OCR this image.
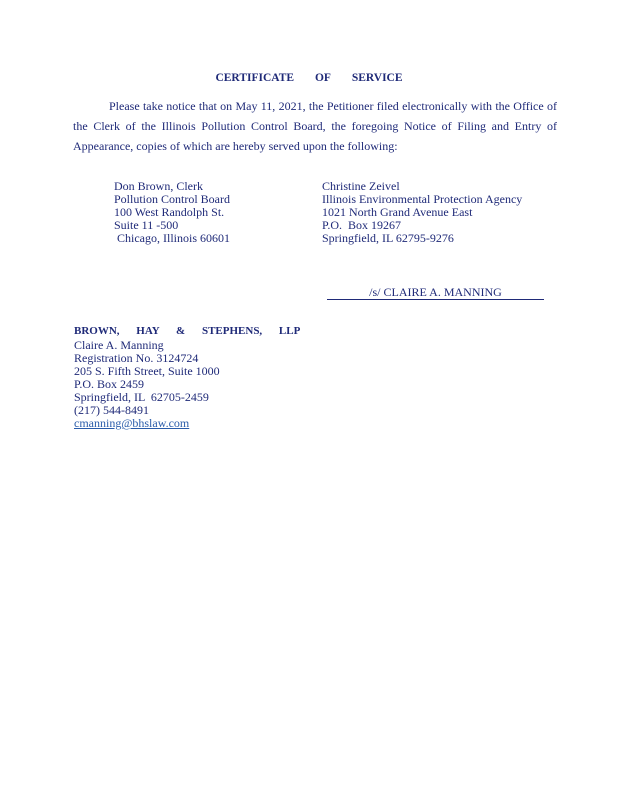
CERTIFICATE OF SERVICE
Please take notice that on May 11, 2021, the Petitioner filed electronically with the Office of the Clerk of the Illinois Pollution Control Board, the foregoing Notice of Filing and Entry of Appearance, copies of which are hereby served upon the following:
Don Brown, Clerk
Pollution Control Board
100 West Randolph St.
Suite 11 -500
Chicago, Illinois 60601
Christine Zeivel
Illinois Environmental Protection Agency
1021 North Grand Avenue East
P.O.  Box 19267
Springfield, IL 62795-9276
/s/ CLAIRE A. MANNING
BROWN, HAY & STEPHENS, LLP
Claire A. Manning
Registration No. 3124724
205 S. Fifth Street, Suite 1000
P.O. Box 2459
Springfield, IL  62705-2459
(217) 544-8491
cmanning@bhslaw.com
